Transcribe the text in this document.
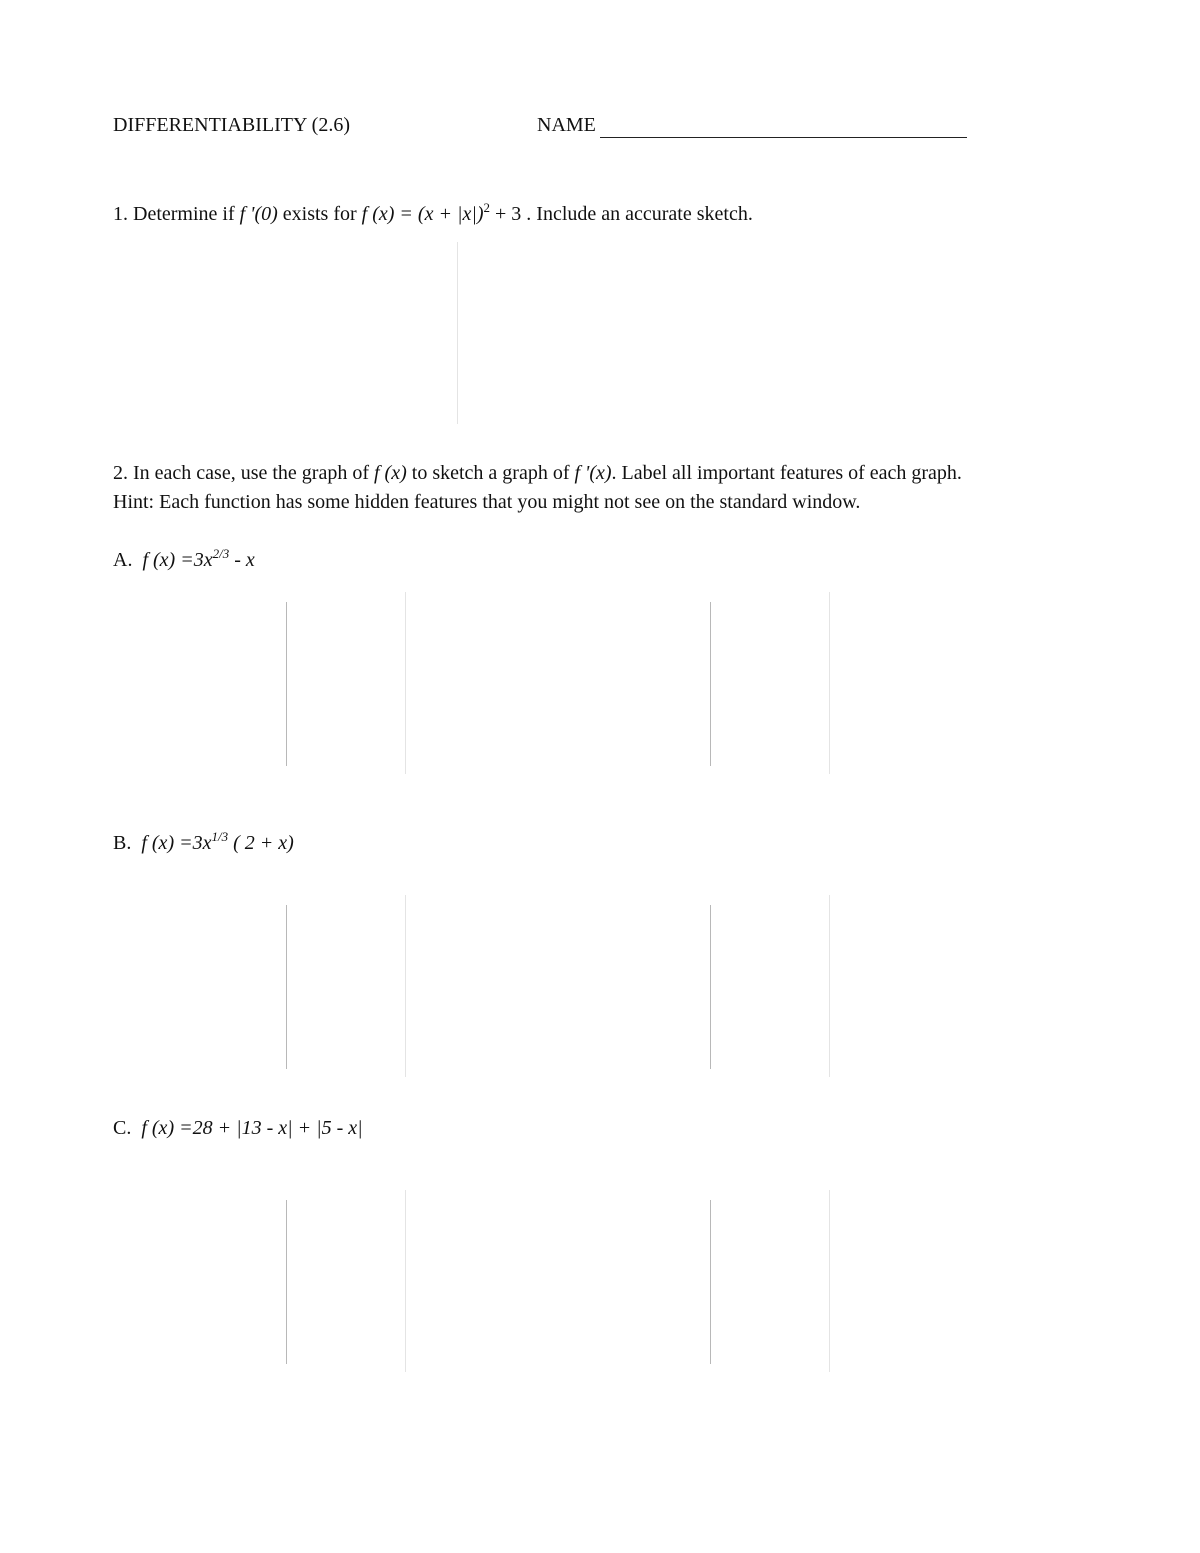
DIFFERENTIABILITY (2.6)	NAME
1. Determine if f '(0) exists for f $(x) = (x + |x|)^2 + 3$ . Include an accurate sketch.
2. In each case, use the graph of f (x) to sketch a graph of f '(x). Label all important features of each graph.
Hint: Each function has some hidden features that you might not see on the standard window.
A. f $(x) =3x^{2/3} - x$
B. f $(x) =3x^{1/3}$ ( 2 + x)
C. f (x) =28 + |13 - x| + |5 - x|
